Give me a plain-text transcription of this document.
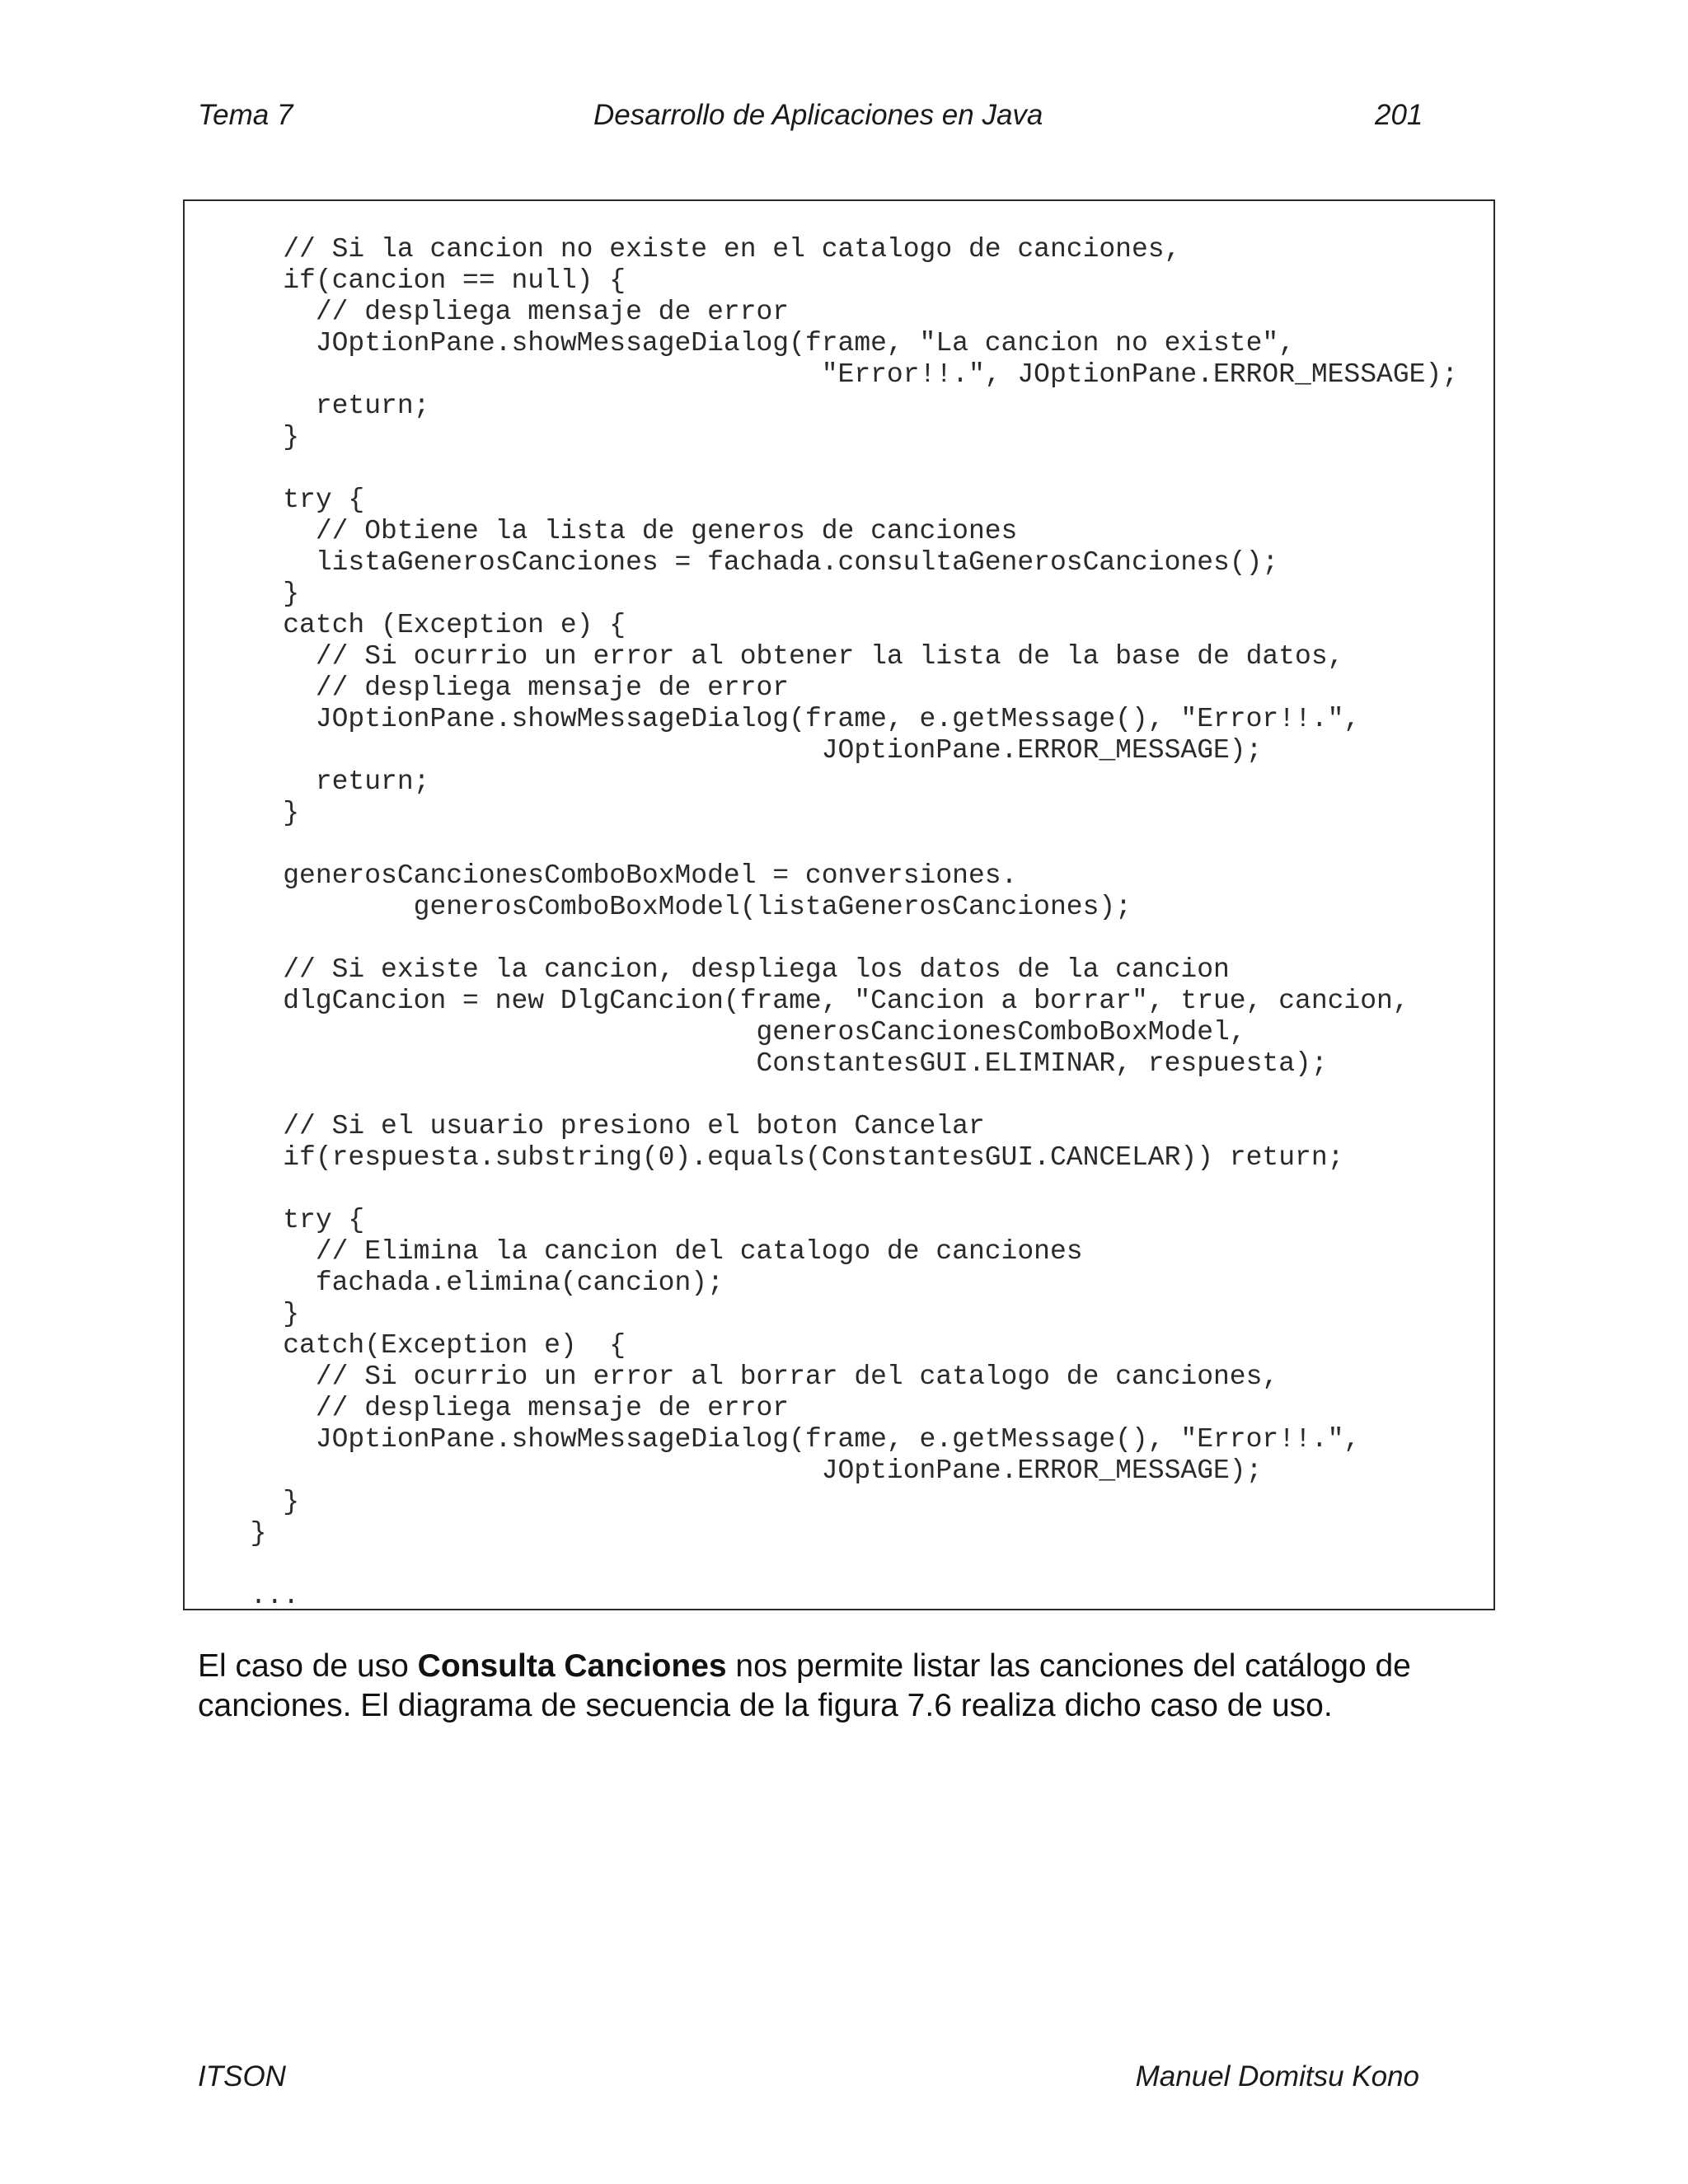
Tema 7	Desarrollo de Aplicaciones en Java	201
// Si la cancion no existe en el catalogo de canciones,
if(cancion == null) {
// despliega mensaje de error
JOptionPane.showMessageDialog(frame, "La cancion no existe",
"Error!!.", JOptionPane.ERROR_MESSAGE);
return;
}
try {
// Obtiene la lista de generos de canciones
listaGenerosCanciones = fachada.consultaGenerosCanciones();
}
catch (Exception e) {
// Si ocurrio un error al obtener la lista de la base de datos,
// despliega mensaje de error
JOptionPane.showMessageDialog(frame, e.getMessage(), "Error!!.",
JOptionPane.ERROR_MESSAGE);
return;
}
generosCancionesComboBoxModel = conversiones.
generosComboBoxModel(listaGenerosCanciones);
// Si existe la cancion, despliega los datos de la cancion
dlgCancion = new DlgCancion(frame, "Cancion a borrar", true, cancion,
generosCancionesComboBoxModel,
ConstantesGUI.ELIMINAR, respuesta);
// Si el usuario presiono el boton Cancelar
if(respuesta.substring(0).equals(ConstantesGUI.CANCELAR)) return;
try {
// Elimina la cancion del catalogo de canciones
fachada.elimina(cancion);
}
catch(Exception e)  {
// Si ocurrio un error al borrar del catalogo de canciones,
// despliega mensaje de error
JOptionPane.showMessageDialog(frame, e.getMessage(), "Error!!.",
JOptionPane.ERROR_MESSAGE);
}
}
...

El caso de uso Consulta Canciones nos permite listar las canciones del catálogo de canciones. El diagrama de secuencia de la figura 7.6 realiza dicho caso de uso.

ITSON	Manuel Domitsu Kono
